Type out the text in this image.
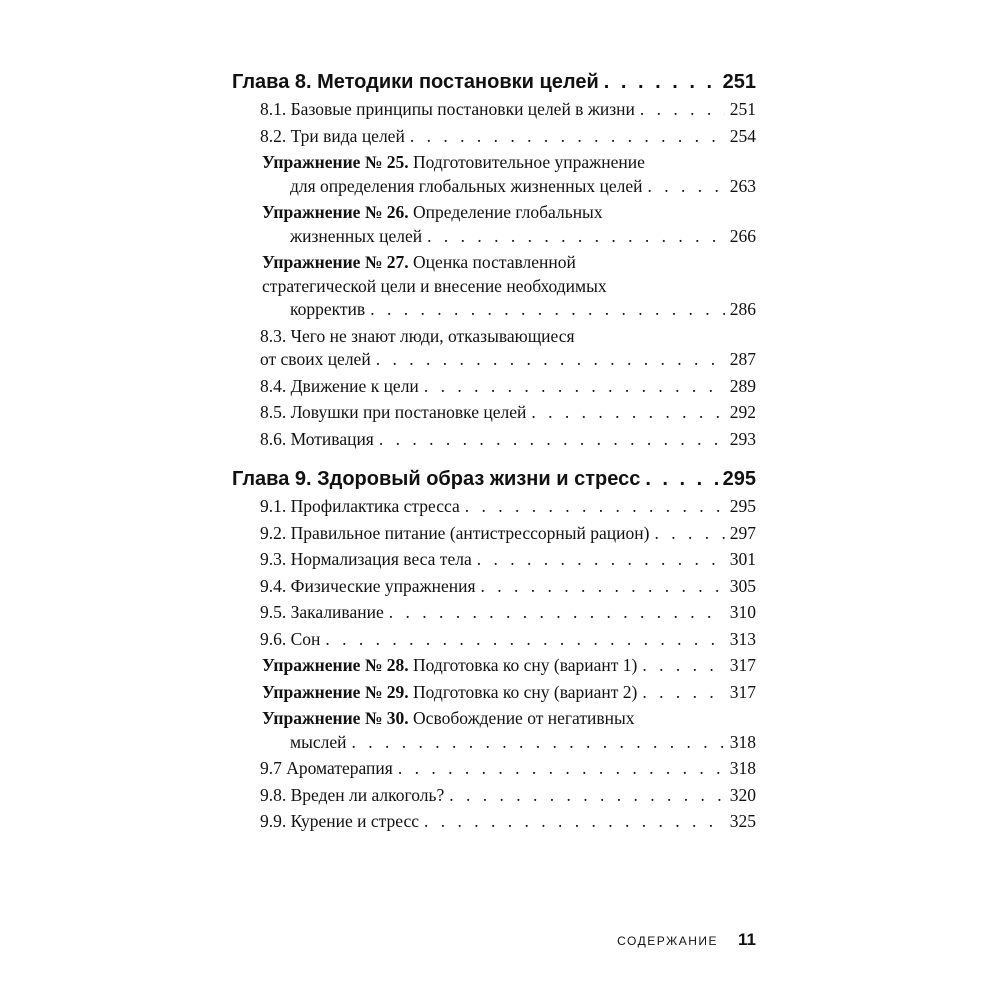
Глава 8. Методики постановки целей . . .	251
8.1. Базовые принципы постановки целей в жизни . . .	251
8.2. Три вида целей . . .	254
Упражнение № 25. Подготовительное упражнение
для определения глобальных жизненных целей . . .	263
Упражнение № 26. Определение глобальных
жизненных целей . . .	266
Упражнение № 27. Оценка поставленной
стратегической цели и внесение необходимых
корректив . . .	286
8.3. Чего не знают люди, отказывающиеся
от своих целей . . .	287
8.4. Движение к цели . . .	289
8.5. Ловушки при постановке целей . . .	292
8.6. Мотивация . . .	293
Глава 9. Здоровый образ жизни и стресс . . .	295
9.1. Профилактика стресса . . .	295
9.2. Правильное питание (антистрессорный рацион) . . .	297
9.3. Нормализация веса тела . . .	301
9.4. Физические упражнения . . .	305
9.5. Закаливание . . .	310
9.6. Сон . . .	313
Упражнение № 28. Подготовка ко сну (вариант 1) . . .	317
Упражнение № 29. Подготовка ко сну (вариант 2) . . .	317
Упражнение № 30. Освобождение от негативных
мыслей . . .	318
9.7 Ароматерапия . . .	318
9.8. Вреден ли алкоголь? . . .	320
9.9. Курение и стресс . . .	325
СОДЕРЖАНИЕ 11
